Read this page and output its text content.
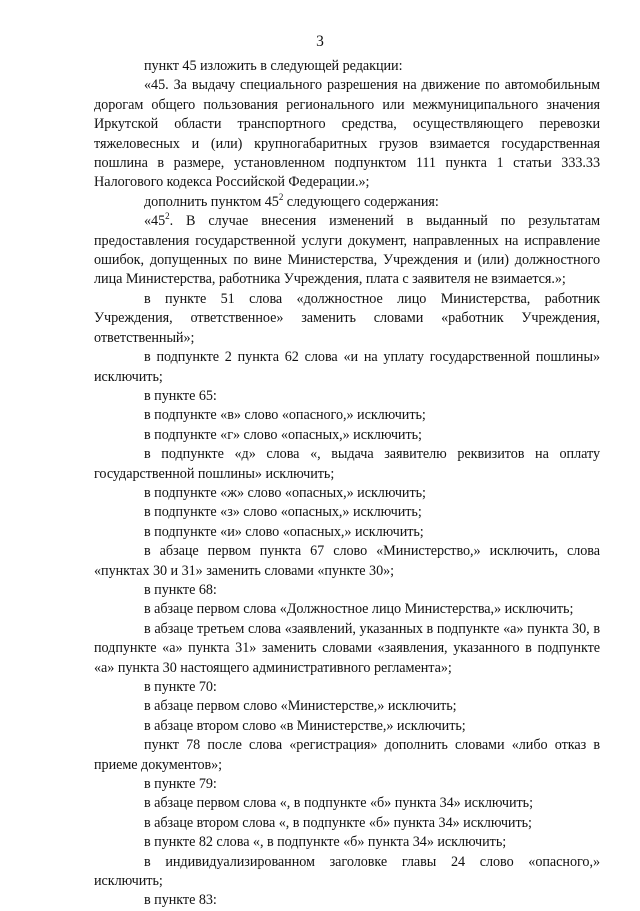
3

пункт 45 изложить в следующей редакции:

«45. За выдачу специального разрешения на движение по автомобильным дорогам общего пользования регионального или межмуниципального значения Иркутской области транспортного средства, осуществляющего перевозки тяжеловесных и (или) крупногабаритных грузов взимается государственная пошлина в размере, установленном подпунктом 111 пункта 1 статьи 333.33 Налогового кодекса Российской Федерации.»;

дополнить пунктом $45^2$ следующего содержания:

«$45^2$. В случае внесения изменений в выданный по результатам предоставления государственной услуги документ, направленных на исправление ошибок, допущенных по вине Министерства, Учреждения и (или) должностного лица Министерства, работника Учреждения, плата с заявителя не взимается.»;

в пункте 51 слова «должностное лицо Министерства, работник Учреждения, ответственное» заменить словами «работник Учреждения, ответственный»;

в подпункте 2 пункта 62 слова «и на уплату государственной пошлины» исключить;

в пункте 65:

в подпункте «в» слово «опасного,» исключить;

в подпункте «г» слово «опасных,» исключить;

в подпункте «д» слова «, выдача заявителю реквизитов на оплату государственной пошлины» исключить;

в подпункте «ж» слово «опасных,» исключить;

в подпункте «з» слово «опасных,» исключить;

в подпункте «и» слово «опасных,» исключить;

в абзаце первом пункта 67 слово «Министерство,» исключить, слова «пунктах 30 и 31» заменить словами «пункте 30»;

в пункте 68:

в абзаце первом слова «Должностное лицо Министерства,» исключить;

в абзаце третьем слова «заявлений, указанных в подпункте «а» пункта 30, в подпункте «а» пункта 31» заменить словами «заявления, указанного в подпункте «а» пункта 30 настоящего административного регламента»;

в пункте 70:

в абзаце первом слово «Министерстве,» исключить;

в абзаце втором слово «в Министерстве,» исключить;

пункт 78 после слова «регистрация» дополнить словами «либо отказ в приеме документов»;

в пункте 79:

в абзаце первом слова «, в подпункте «б» пункта 34» исключить;

в абзаце втором слова «, в подпункте «б» пункта 34» исключить;

в пункте 82 слова «, в подпункте «б» пункта 34» исключить;

в индивидуализированном заголовке главы 24 слово «опасного,» исключить;

в пункте 83:
